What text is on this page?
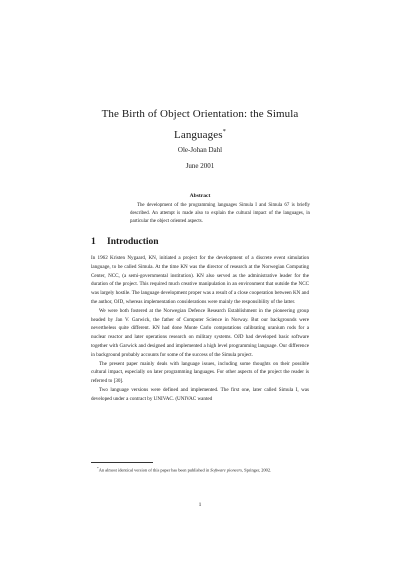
The Birth of Object Orientation: the Simula
Languages*
Ole-Johan Dahl
June 2001
Abstract

The development of the programming languages Simula I and Simula 67 is briefly described. An attempt is made also to explain the cultural impact of the languages, in particular the object oriented aspects.

1 Introduction

In 1962 Kristen Nygaard, KN, initiated a project for the development of a discrete event simulation language, to be called Simula. At the time KN was the director of research at the Norwegian Computing Center, NCC, (a semi-governmental institution). KN also served as the administrative leader for the duration of the project. This required much creative manipulation in an environment that outside the NCC was largely hostile. The language development proper was a result of a close cooperation between KN and the author, OJD, whereas implementation considerations were mainly the responsibility of the latter.

We were both fostered at the Norwegian Defence Research Establishment in the pioneering group headed by Jan V. Garwick, the father of Computer Science in Norway. But our backgrounds were nevertheless quite different. KN had done Monte Carlo computations calibrating uranium rods for a nuclear reactor and later operations research on military systems. OJD had developed basic software together with Garwick and designed and implemented a high level programming language. Our difference in background probably accounts for some of the success of the Simula project.

The present paper mainly deals with language issues, including some thoughts on their possible cultural impact, especially on later programming languages. For other aspects of the project the reader is referred to [30].

Two language versions were defined and implemented. The first one, later called Simula I, was developed under a contract by UNIVAC. (UNIVAC wanted

*An almost identical version of this paper has been published in Software pioneers, Springer, 2002.

1
